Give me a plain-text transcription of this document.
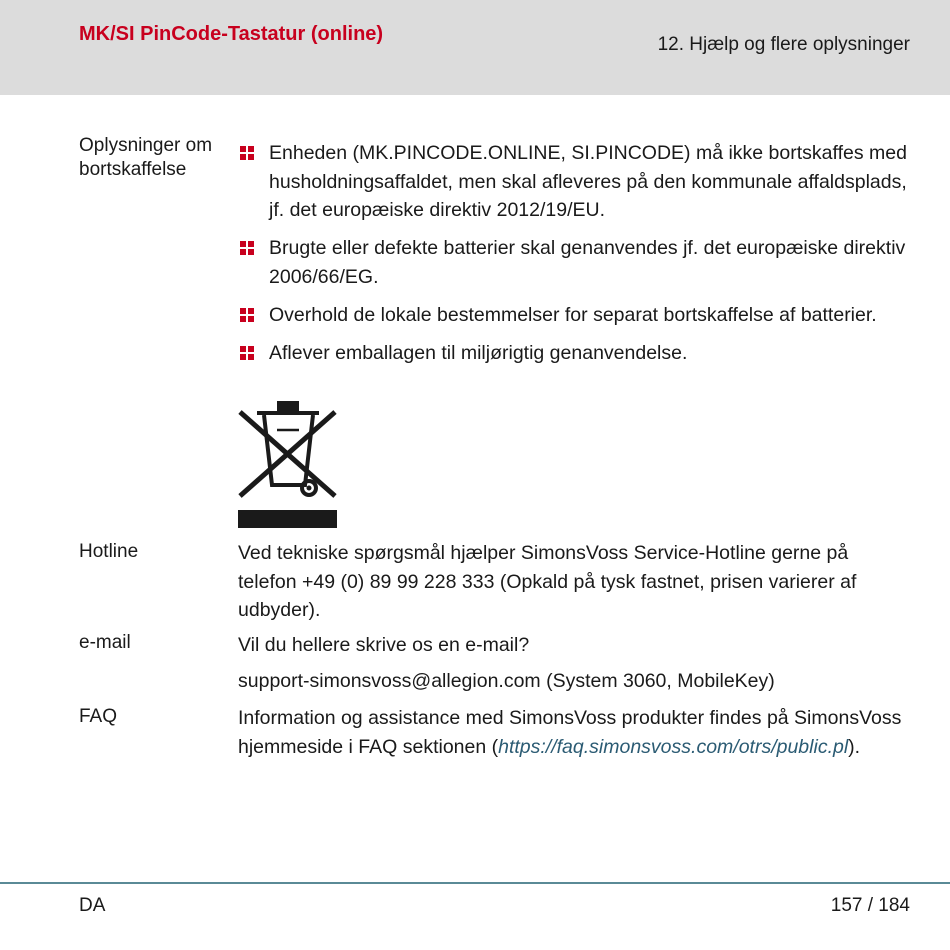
MK/SI PinCode-Tastatur (online)	12. Hjælp og flere oplysninger
Oplysninger om bortskaffelse
Enheden (MK.PINCODE.ONLINE, SI.PINCODE) må ikke bortskaffes med husholdningsaffaldet, men skal afleveres på den kommunale affaldsplads, jf. det europæiske direktiv 2012/19/EU.
Brugte eller defekte batterier skal genanvendes jf. det europæiske direktiv 2006/66/EG.
Overhold de lokale bestemmelser for separat bortskaffelse af batterier.
Aflever emballagen til miljørigtig genanvendelse.
Hotline	Ved tekniske spørgsmål hjælper SimonsVoss Service-Hotline gerne på telefon +49 (0) 89 99 228 333 (Opkald på tysk fastnet, prisen varierer af udbyder).
e-mail	Vil du hellere skrive os en e-mail?
support-simonsvoss@allegion.com (System 3060, MobileKey)
FAQ	Information og assistance med SimonsVoss produkter findes på SimonsVoss hjemmeside i FAQ sektionen (https://faq.simonsvoss.com/otrs/public.pl).
DA	157 / 184
